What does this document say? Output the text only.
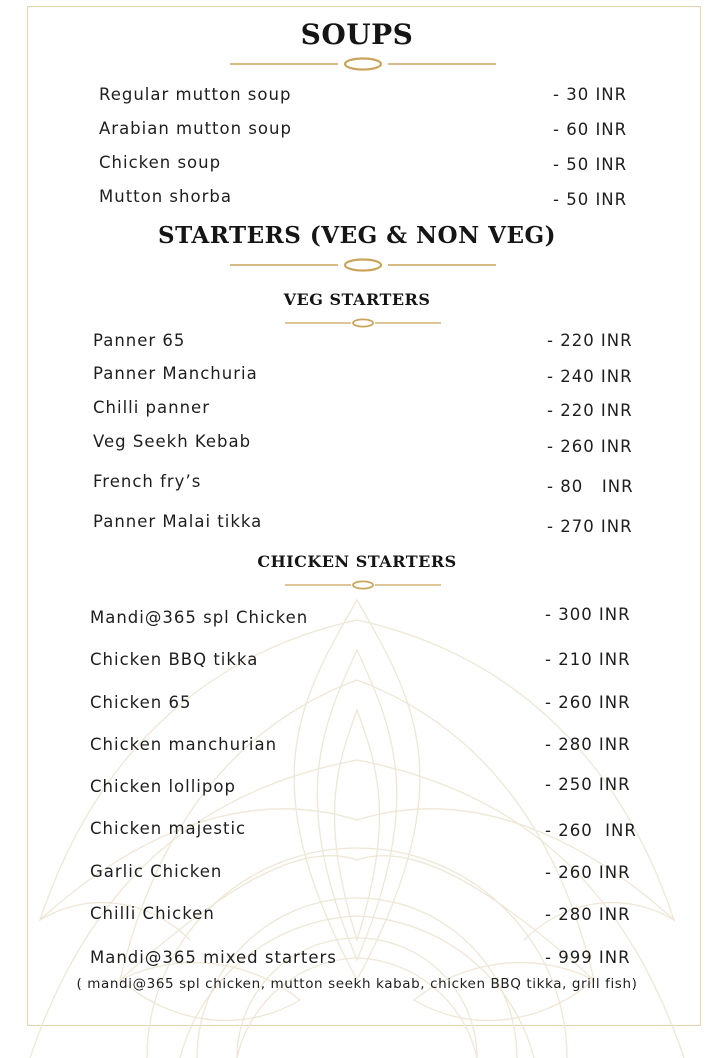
SOUPS
Regular mutton soup	- 30 INR
Arabian mutton soup	- 60 INR
Chicken soup	- 50 INR
Mutton shorba	- 50 INR
STARTERS (VEG & NON VEG)
VEG STARTERS
Panner 65	- 220 INR
Panner Manchuria	- 240 INR
Chilli panner	- 220 INR
Veg Seekh Kebab	- 260 INR
French fry’s	- 80   INR
Panner Malai tikka	- 270 INR
CHICKEN STARTERS
Mandi@365 spl Chicken	- 300 INR
Chicken BBQ tikka	- 210 INR
Chicken 65	- 260 INR
Chicken manchurian	- 280 INR
Chicken lollipop	- 250 INR
Chicken majestic	- 260  INR
Garlic Chicken	- 260 INR
Chilli Chicken	- 280 INR
Mandi@365 mixed starters	- 999 INR
( mandi@365 spl chicken, mutton seekh kabab, chicken BBQ tikka, grill fish)
